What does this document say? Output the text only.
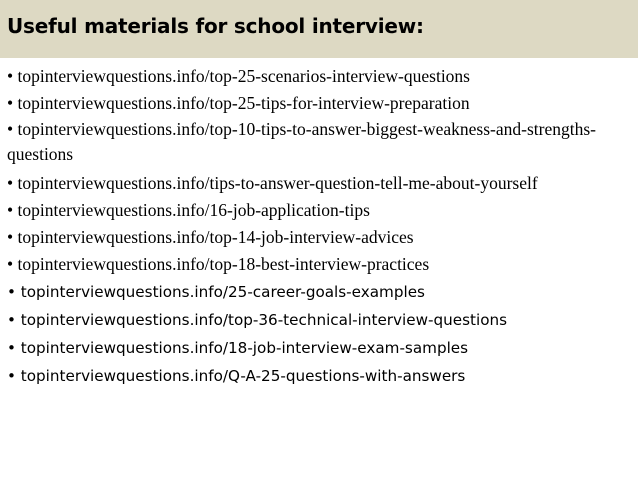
Useful materials for school interview:
• topinterviewquestions.info/top-25-scenarios-interview-questions
• topinterviewquestions.info/top-25-tips-for-interview-preparation
• topinterviewquestions.info/top-10-tips-to-answer-biggest-weakness-and-strengths-questions
• topinterviewquestions.info/tips-to-answer-question-tell-me-about-yourself
• topinterviewquestions.info/16-job-application-tips
• topinterviewquestions.info/top-14-job-interview-advices
• topinterviewquestions.info/top-18-best-interview-practices
• topinterviewquestions.info/25-career-goals-examples
• topinterviewquestions.info/top-36-technical-interview-questions
• topinterviewquestions.info/18-job-interview-exam-samples
• topinterviewquestions.info/Q-A-25-questions-with-answers
